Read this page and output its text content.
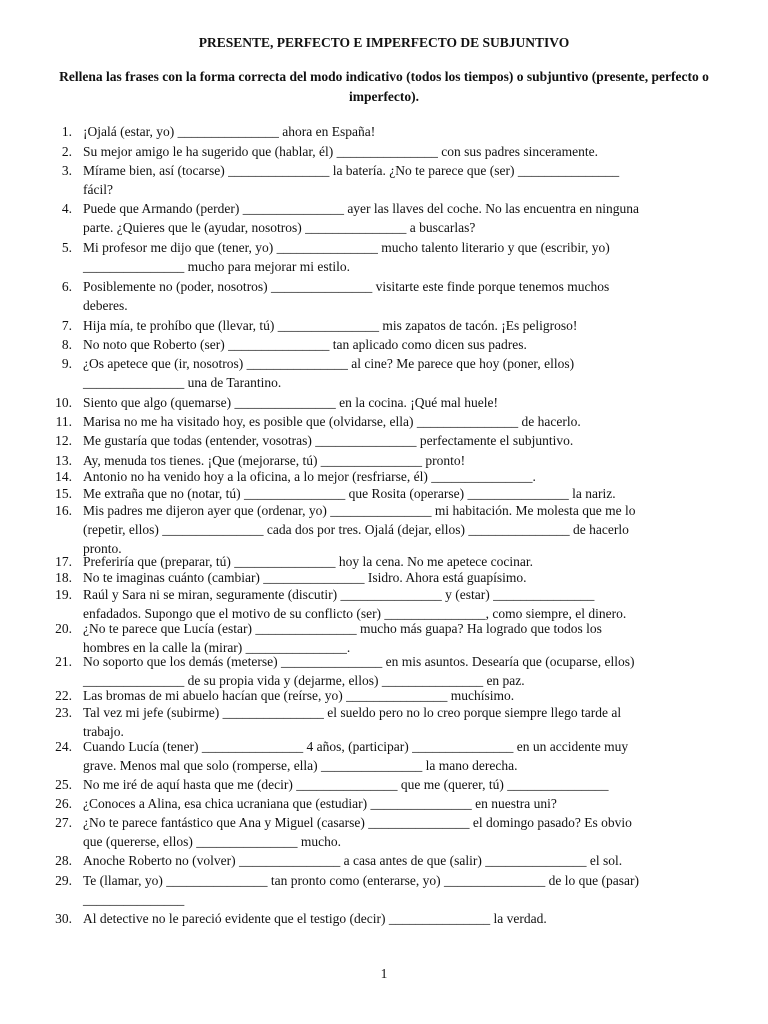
PRESENTE, PERFECTO E IMPERFECTO DE SUBJUNTIVO
Rellena las frases con la forma correcta del modo indicativo (todos los tiempos) o subjuntivo (presente, perfecto o imperfecto).
1. ¡Ojalá (estar, yo) _______________ ahora en España!
2. Su mejor amigo le ha sugerido que (hablar, él) _______________ con sus padres sinceramente.
3. Mírame bien, así (tocarse) _______________ la batería. ¿No te parece que (ser) _______________
fácil?
4. Puede que Armando (perder) _______________ ayer las llaves del coche. No las encuentra en ninguna
parte. ¿Quieres que le (ayudar, nosotros) _______________ a buscarlas?
5. Mi profesor me dijo que (tener, yo) _______________ mucho talento literario y que (escribir, yo)
_______________ mucho para mejorar mi estilo.
6. Posiblemente no (poder, nosotros) _______________ visitarte este finde porque tenemos muchos
deberes.
7. Hija mía, te prohíbo que (llevar, tú) _______________ mis zapatos de tacón. ¡Es peligroso!
8. No noto que Roberto (ser) _______________ tan aplicado como dicen sus padres.
9. ¿Os apetece que (ir, nosotros) _______________ al cine? Me parece que hoy (poner, ellos)
_______________ una de Tarantino.
10. Siento que algo (quemarse) _______________ en la cocina. ¡Qué mal huele!
11. Marisa no me ha visitado hoy, es posible que (olvidarse, ella) _______________ de hacerlo.
12. Me gustaría que todas (entender, vosotras) _______________ perfectamente el subjuntivo.
13. Ay, menuda tos tienes. ¡Que (mejorarse, tú) _______________ pronto!
14. Antonio no ha venido hoy a la oficina, a lo mejor (resfriarse, él) _______________.
15. Me extraña que no (notar, tú) _______________ que Rosita (operarse) _______________ la nariz.
16. Mis padres me dijeron ayer que (ordenar, yo) _______________ mi habitación. Me molesta que me lo
(repetir, ellos) _______________ cada dos por tres. Ojalá (dejar, ellos) _______________ de hacerlo
pronto.
17. Preferiría que (preparar, tú) _______________ hoy la cena. No me apetece cocinar.
18. No te imaginas cuánto (cambiar) _______________ Isidro. Ahora está guapísimo.
19. Raúl y Sara ni se miran, seguramente (discutir) _______________ y (estar) _______________
enfadados. Supongo que el motivo de su conflicto (ser) _______________, como siempre, el dinero.
20. ¿No te parece que Lucía (estar) _______________ mucho más guapa? Ha logrado que todos los
hombres en la calle la (mirar) _______________.
21. No soporto que los demás (meterse) _______________ en mis asuntos. Desearía que (ocuparse, ellos)
_______________ de su propia vida y (dejarme, ellos) _______________ en paz.
22. Las bromas de mi abuelo hacían que (reírse, yo) _______________ muchísimo.
23. Tal vez mi jefe (subirme) _______________ el sueldo pero no lo creo porque siempre llego tarde al
trabajo.
24. Cuando Lucía (tener) _______________ 4 años, (participar) _______________ en un accidente muy
grave. Menos mal que solo (romperse, ella) _______________ la mano derecha.
25. No me iré de aquí hasta que me (decir) _______________ que me (querer, tú) _______________
26. ¿Conoces a Alina, esa chica ucraniana que (estudiar) _______________ en nuestra uni?
27. ¿No te parece fantástico que Ana y Miguel (casarse) _______________ el domingo pasado? Es obvio
que (quererse, ellos) _______________ mucho.
28. Anoche Roberto no (volver) _______________ a casa antes de que (salir) _______________ el sol.
29. Te (llamar, yo) _______________ tan pronto como (enterarse, yo) _______________ de lo que (pasar)
_______________
30. Al detective no le pareció evidente que el testigo (decir) _______________ la verdad.
1
